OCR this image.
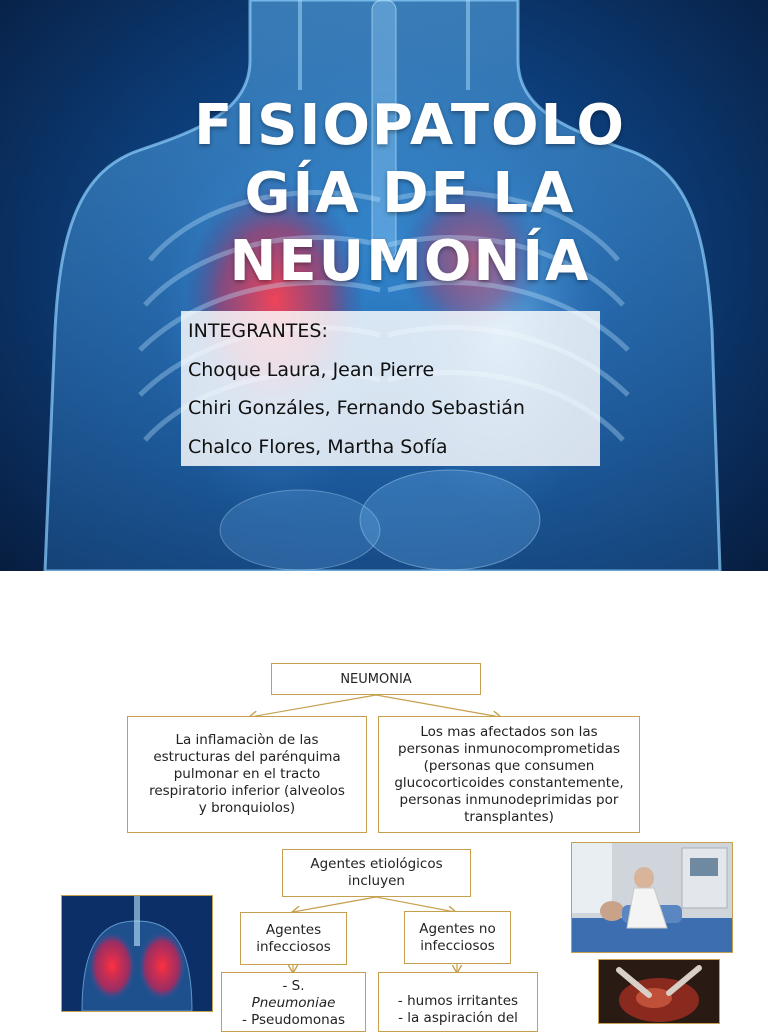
FISIOPATOLO
GÍA DE LA
NEUMONÍA
INTEGRANTES:
Choque Laura, Jean Pierre
Chiri Gonzáles, Fernando Sebastián
Chalco Flores, Martha Sofía
NEUMONIA
La inflamaciòn de las
estructuras del parénquima
pulmonar en el tracto
respiratorio inferior (alveolos
y bronquiolos)
Los mas afectados son las
personas inmunocomprometidas
(personas que consumen
glucocorticoides constantemente,
personas inmunodeprimidas por
transplantes)
Agentes etiológicos
incluyen
Agentes
infecciosos
Agentes no
infecciosos
- S.
Pneumoniae
- Pseudomonas
- humos irritantes
- la aspiración del
